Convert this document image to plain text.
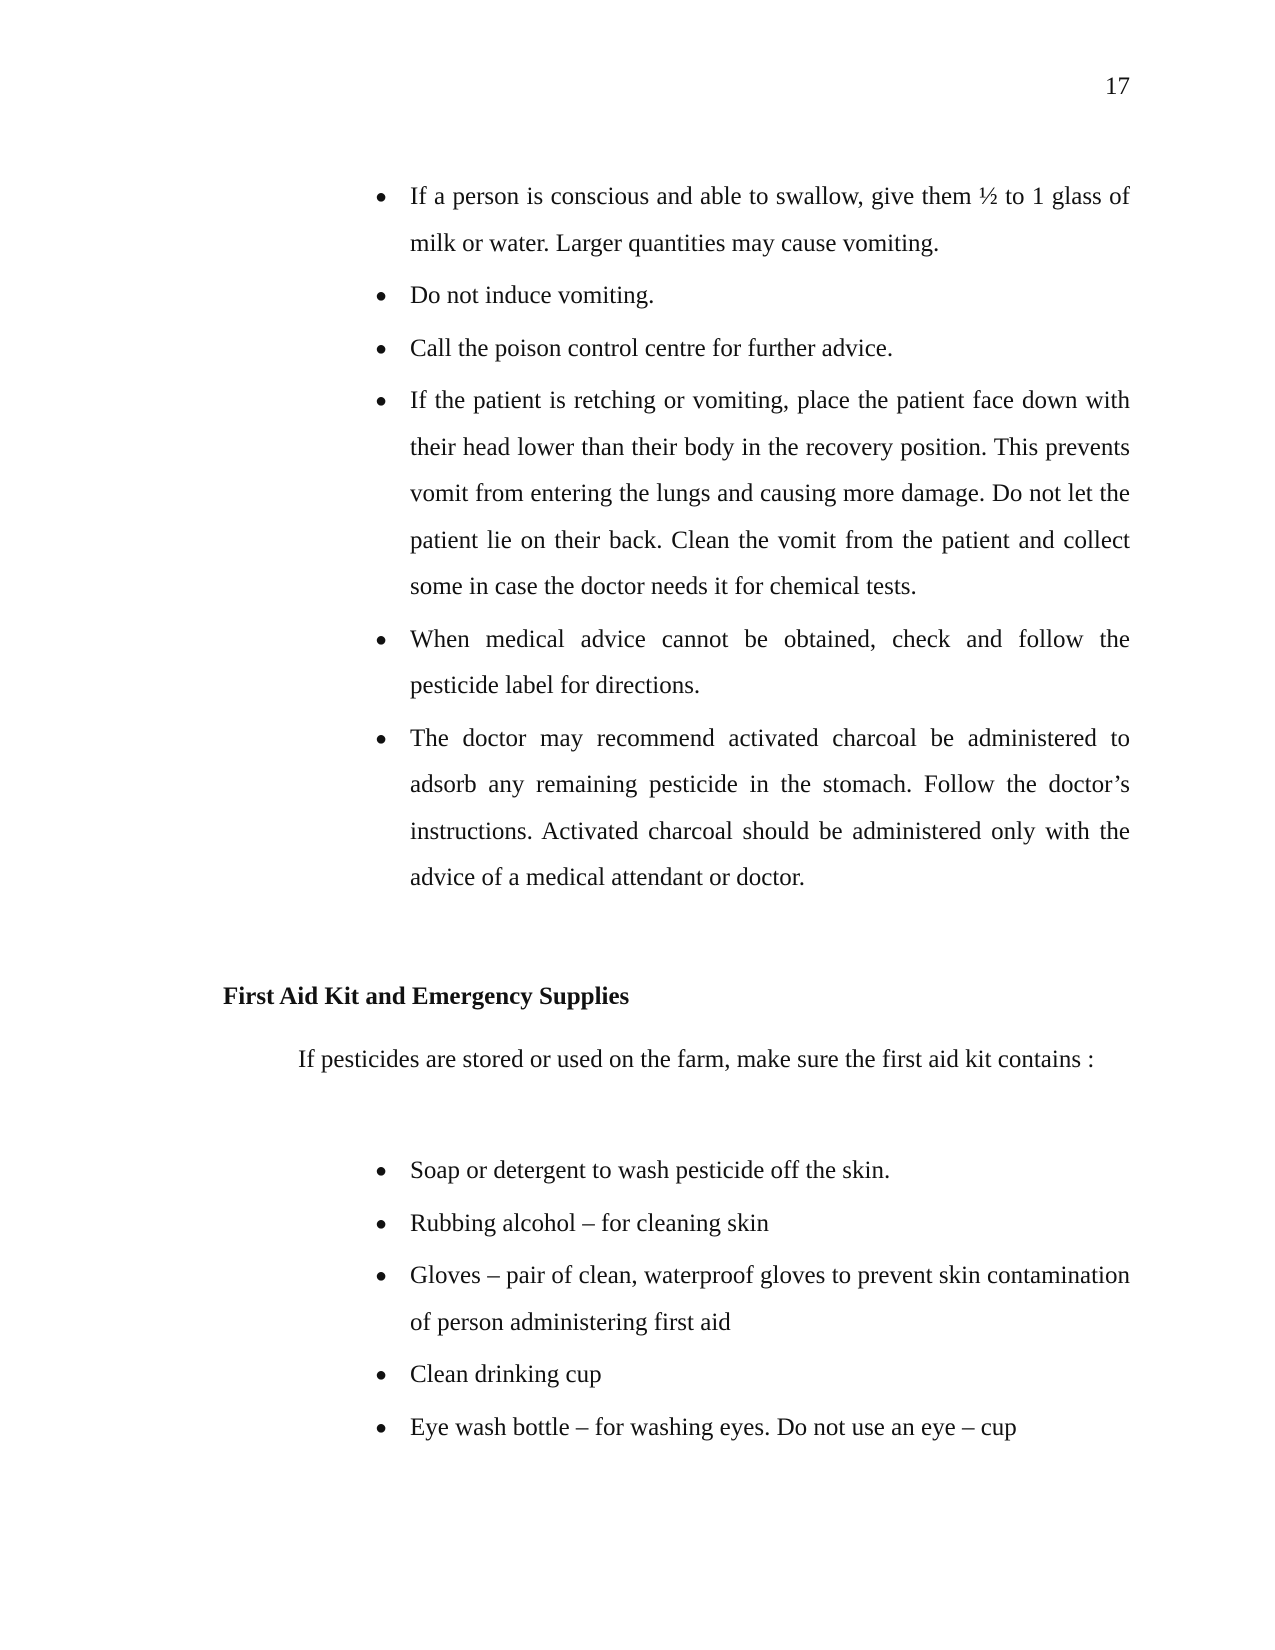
17
● If a person is conscious and able to swallow, give them ½ to 1 glass of milk or water. Larger quantities may cause vomiting.
● Do not induce vomiting.
● Call the poison control centre for further advice.
● If the patient is retching or vomiting, place the patient face down with their head lower than their body in the recovery position. This prevents vomit from entering the lungs and causing more damage. Do not let the patient lie on their back. Clean the vomit from the patient and collect some in case the doctor needs it for chemical tests.
● When medical advice cannot be obtained, check and follow the pesticide label for directions.
● The doctor may recommend activated charcoal be administered to adsorb any remaining pesticide in the stomach. Follow the doctor’s instructions. Activated charcoal should be administered only with the advice of a medical attendant or doctor.
First Aid Kit and Emergency Supplies

If pesticides are stored or used on the farm, make sure the first aid kit contains :

● Soap or detergent to wash pesticide off the skin.
● Rubbing alcohol – for cleaning skin
● Gloves – pair of clean, waterproof gloves to prevent skin contamination of person administering first aid
● Clean drinking cup
● Eye wash bottle – for washing eyes. Do not use an eye – cup
